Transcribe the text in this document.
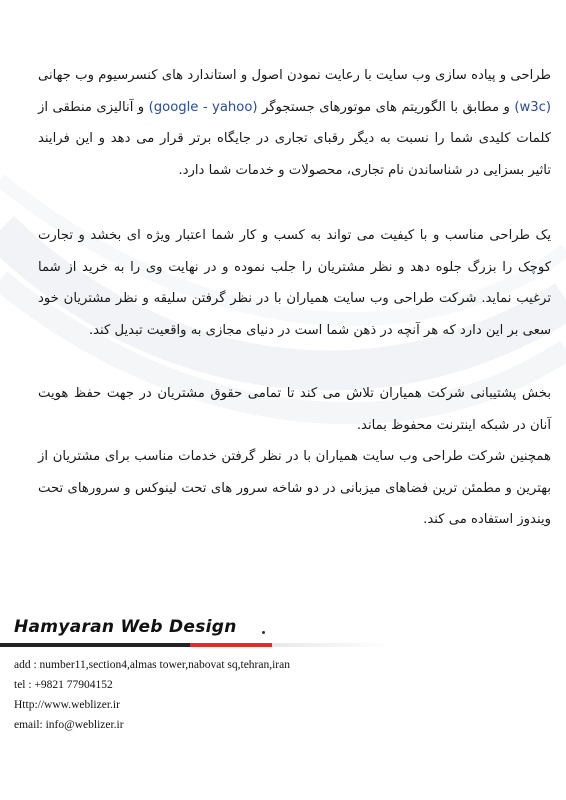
طراحی و پیاده سازی وب سایت با رعایت نمودن اصول و استاندارد های کنسرسیوم وب جهانی (w3c) و مطابق با الگوریتم های موتورهای جستجوگر (google - yahoo) و آنالیزی منطقی از کلمات کلیدی شما را نسبت به دیگر رقبای تجاری در جایگاه برتر قرار می دهد و این فرایند تاثیر بسزایی در شناساندن نام تجاری، محصولات و خدمات شما دارد.

یک طراحی مناسب و با کیفیت می تواند به کسب و کار شما اعتبار ویژه ای بخشد و تجارت کوچک را بزرگ جلوه دهد و نظر مشتریان را جلب نموده و در نهایت وی را به خرید از شما ترغیب نماید. شرکت طراحی وب سایت همیاران با در نظر گرفتن سلیقه و نظر مشتریان خود سعی بر این دارد که هر آنچه در ذهن شما است در دنیای مجازی به واقعیت تبدیل کند.

بخش پشتیبانی شرکت همیاران تلاش می کند تا تمامی حقوق مشتریان در جهت حفظ هویت آنان در شبکه اینترنت محفوظ بماند.

همچنین شرکت طراحی وب سایت همیاران با در نظر گرفتن خدمات مناسب برای مشتریان از بهترین و مطمئن ترین فضاهای میزبانی در دو شاخه سرور های تحت لینوکس و سرورهای تحت ویندوز استفاده می کند.

Hamyaran Web Design
add : number11,section4,almas tower,nabovat sq,tehran,iran
tel : +9821 77904152
Http://www.weblizer.ir
email: info@weblizer.ir
